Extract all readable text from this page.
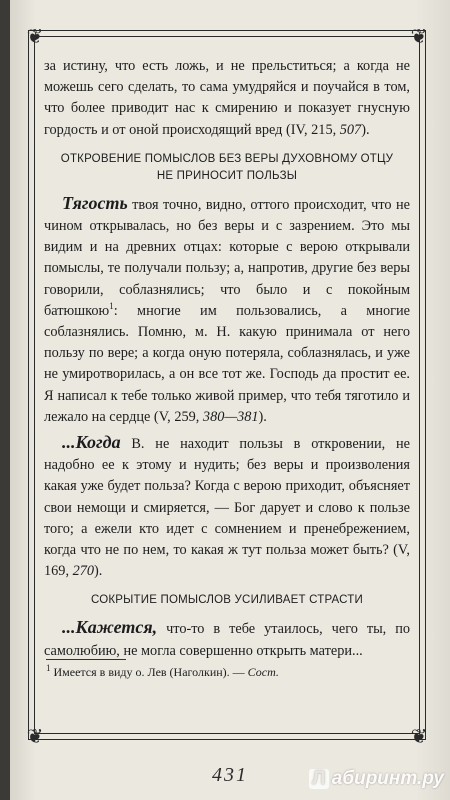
❦	❦
❦	❦

за истину, что есть ложь, и не прельститься; а когда не можешь сего сделать, то сама умудряйся и поучайся в том, что более приводит нас к смирению и показует гнусную гордость и от оной происходящий вред (IV, 215, 507).

ОТКРОВЕНИЕ ПОМЫСЛОВ БЕЗ ВЕРЫ ДУХОВНОМУ ОТЦУ
НЕ ПРИНОСИТ ПОЛЬЗЫ

Тягость твоя точно, видно, оттого происходит, что не чином открывалась, но без веры и с зазрением. Это мы видим и на древних отцах: которые с верою открывали помыслы, те получали пользу; а, напротив, другие без веры говорили, соблазнялись; что было и с покойным батюшкою$^1$: многие им пользовались, а многие соблазнялись. Помню, м. Н. какую принимала от него пользу по вере; а когда оную потеряла, соблазнялась, и уже не умиротворилась, а он все тот же. Господь да простит ее. Я написал к тебе только живой пример, что тебя тяготило и лежало на сердце (V, 259, 380—381).

...Когда В. не находит пользы в откровении, не надобно ее к этому и нудить; без веры и произволения какая уже будет польза? Когда с верою приходит, объясняет свои немощи и смиряется, — Бог дарует и слово к пользе того; а ежели кто идет с сомнением и пренебрежением, когда что не по нем, то какая ж тут польза может быть? (V, 169, 270).

СОКРЫТИЕ ПОМЫСЛОВ УСИЛИВАЕТ СТРАСТИ

...Кажется, что-то в тебе утаилось, чего ты, по самолюбию, не могла совершенно открыть матери...

$^1$ Имеется в виду о. Лев (Наголкин). — Сост.
431	Л абиринт.ру
